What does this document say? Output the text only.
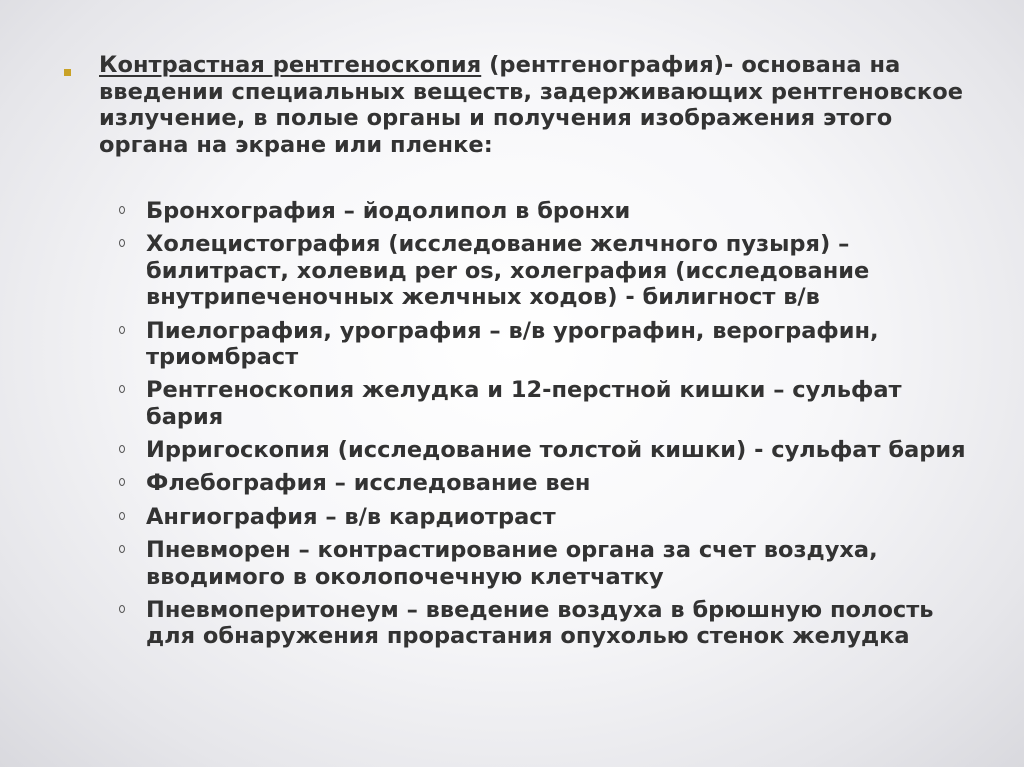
Контрастная рентгеноскопия (рентгенография)- основана на введении специальных веществ, задерживающих рентгеновское излучение, в полые органы и получения изображения этого органа на экране или пленке:
Бронхография – йодолипол в бронхи
Холецистография (исследование желчного пузыря) – билитраст, холевид per os, холеграфия (исследование внутрипеченочных желчных ходов) - билигност в/в
Пиелография, урография – в/в урографин, верографин, триомбраст
Рентгеноскопия желудка и 12-перстной кишки – сульфат бария
Ирригоскопия (исследование толстой кишки) - сульфат бария
Флебография – исследование вен
Ангиография – в/в кардиотраст
Пневморен – контрастирование органа за счет воздуха, вводимого в околопочечную клетчатку
Пневмоперитонеум – введение воздуха в брюшную полость для обнаружения прорастания опухолью стенок желудка
